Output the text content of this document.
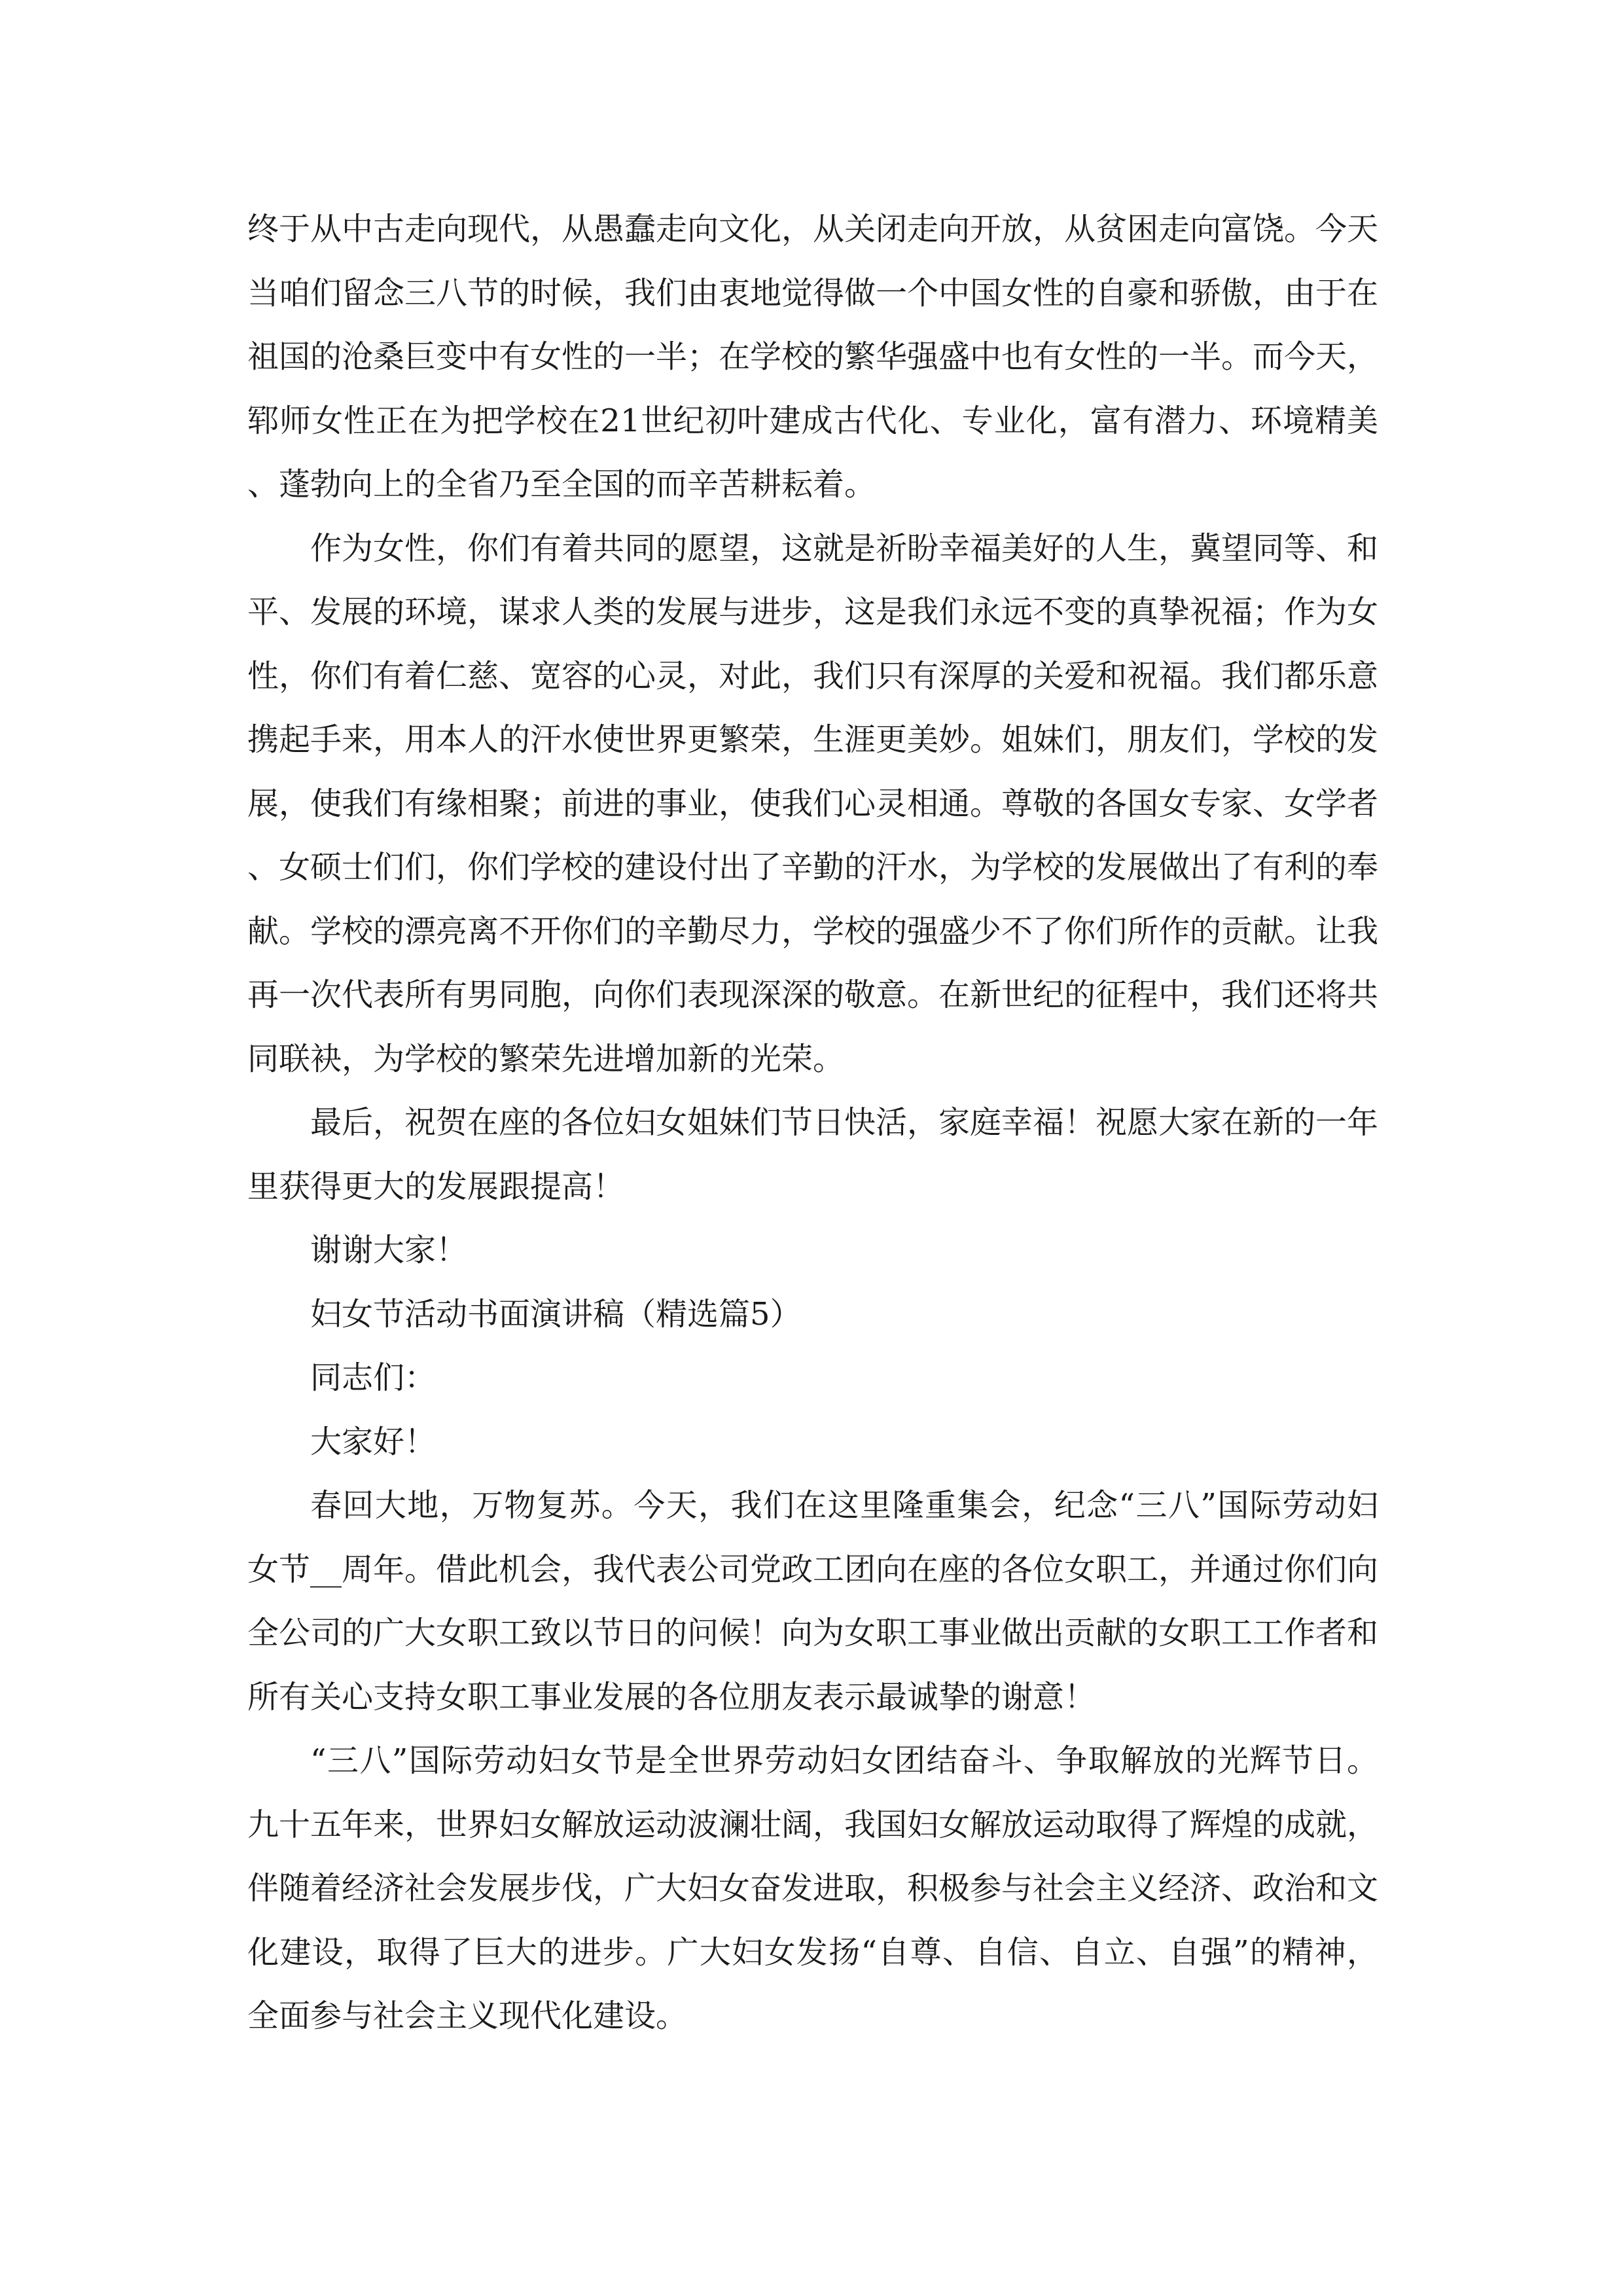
终于从中古走向现代，从愚蠢走向文化，从关闭走向开放，从贫困走向富饶。今天当咱们留念三八节的时候，我们由衷地觉得做一个中国女性的自豪和骄傲，由于在祖国的沧桑巨变中有女性的一半；在学校的繁华强盛中也有女性的一半。而今天，郓师女性正在为把学校在21世纪初叶建成古代化、专业化，富有潜力、环境精美、蓬勃向上的全省乃至全国的而辛苦耕耘着。

作为女性，你们有着共同的愿望，这就是祈盼幸福美好的人生，冀望同等、和平、发展的环境，谋求人类的发展与进步，这是我们永远不变的真挚祝福；作为女性，你们有着仁慈、宽容的心灵，对此，我们只有深厚的关爱和祝福。我们都乐意携起手来，用本人的汗水使世界更繁荣，生涯更美妙。姐妹们，朋友们，学校的发展，使我们有缘相聚；前进的事业，使我们心灵相通。尊敬的各国女专家、女学者、女硕士们们，你们学校的建设付出了辛勤的汗水，为学校的发展做出了有利的奉献。学校的漂亮离不开你们的辛勤尽力，学校的强盛少不了你们所作的贡献。让我再一次代表所有男同胞，向你们表现深深的敬意。在新世纪的征程中，我们还将共同联袂，为学校的繁荣先进增加新的光荣。

最后，祝贺在座的各位妇女姐妹们节日快活，家庭幸福！祝愿大家在新的一年里获得更大的发展跟提高！

谢谢大家！

妇女节活动书面演讲稿（精选篇5）

同志们：

大家好！

春回大地，万物复苏。今天，我们在这里隆重集会，纪念“三八”国际劳动妇女节__周年。借此机会，我代表公司党政工团向在座的各位女职工，并通过你们向全公司的广大女职工致以节日的问候！向为女职工事业做出贡献的女职工工作者和所有关心支持女职工事业发展的各位朋友表示最诚挚的谢意！

“三八”国际劳动妇女节是全世界劳动妇女团结奋斗、争取解放的光辉节日。九十五年来，世界妇女解放运动波澜壮阔，我国妇女解放运动取得了辉煌的成就，伴随着经济社会发展步伐，广大妇女奋发进取，积极参与社会主义经济、政治和文化建设，取得了巨大的进步。广大妇女发扬“自尊、自信、自立、自强”的精神，全面参与社会主义现代化建设。
